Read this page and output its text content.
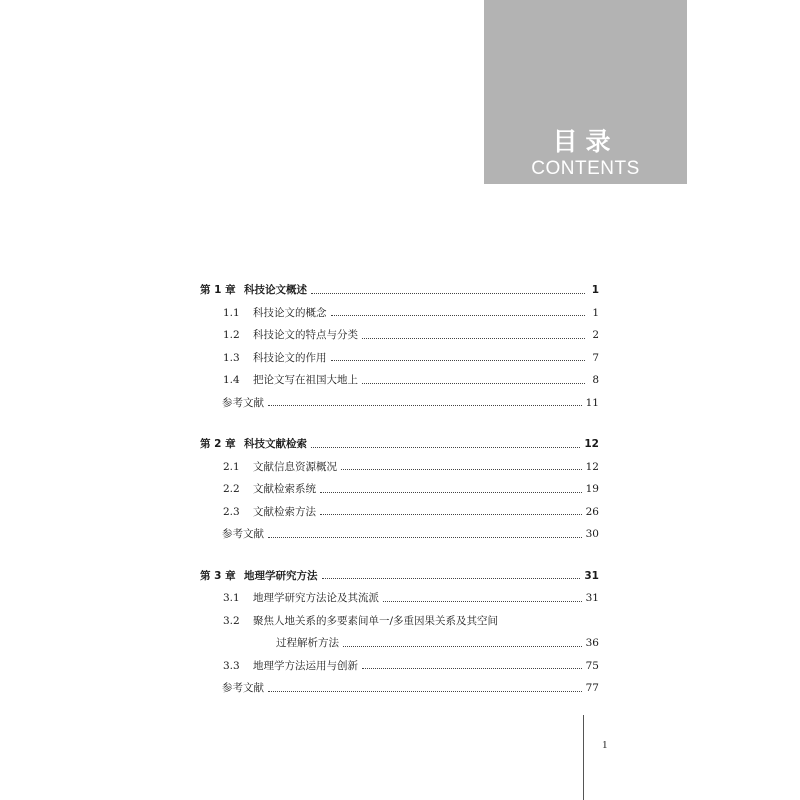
目录
CONTENTS
第 1 章 科技论文概述	1
1.1	科技论文的概念	1
1.2	科技论文的特点与分类	2
1.3	科技论文的作用	7
1.4	把论文写在祖国大地上	8
参考文献	11
第 2 章 科技文献检索	12
2.1	文献信息资源概况	12
2.2	文献检索系统	19
2.3	文献检索方法	26
参考文献	30
第 3 章 地理学研究方法	31
3.1	地理学研究方法论及其流派	31
3.2	聚焦人地关系的多要素间单一/多重因果关系及其空间
过程解析方法	36
3.3	地理学方法运用与创新	75
参考文献	77
1
